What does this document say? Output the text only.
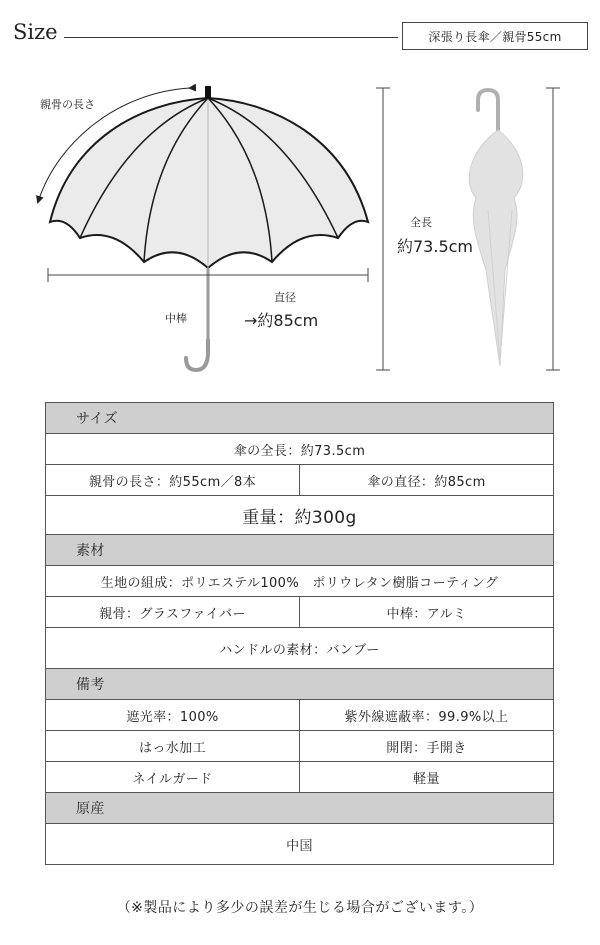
Size	深張り長傘／親骨55cm
親骨の長さ
中棒
直径
→約85cm
全長
約73.5cm
サイズ	
傘の全長：約73.5cm	
親骨の長さ：約55cm／8本	傘の直径：約85cm
重量：約300g	
素材	
生地の組成：ポリエステル100%　ポリウレタン樹脂コーティング	
親骨：グラスファイバー	中棒：アルミ
ハンドルの素材：バンブー	
備考	
遮光率：100%	紫外線遮蔽率：99.9%以上
はっ水加工	開閉：手開き
ネイルガード	軽量
原産	
中国	
（※製品により多少の誤差が生じる場合がございます。）
